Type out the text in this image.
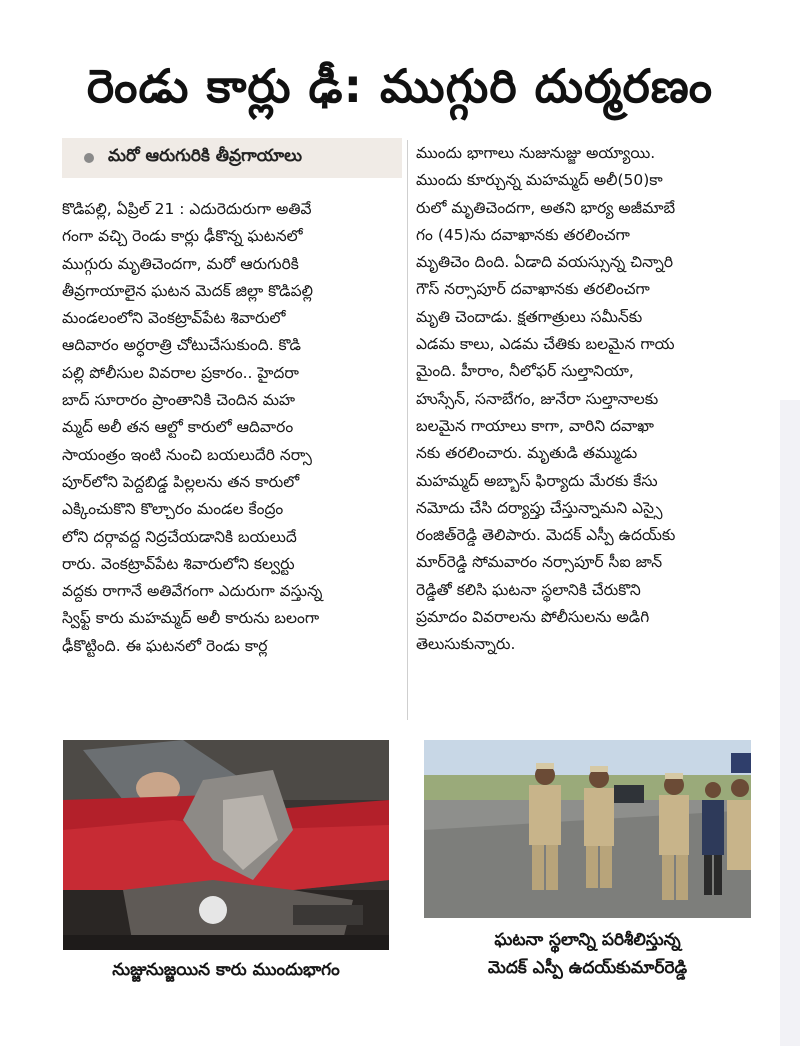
రెండు కార్లు ఢీ: ముగ్గురి దుర్మరణం
మరో ఆరుగురికి తీవ్రగాయాలు
కొడిపల్లి, ఏప్రిల్ 21 : ఎదురెదురుగా అతివే
గంగా వచ్చి రెండు కార్లు ఢీకొన్న ఘటనలో
ముగ్గురు మృతిచెందగా, మరో ఆరుగురికి
తీవ్రగాయాలైన ఘటన మెదక్ జిల్లా కొడిపల్లి
మండలంలోని వెంకట్రావ్‌పేట శివారులో
ఆదివారం అర్ధరాత్రి చోటుచేసుకుంది. కొడి
పల్లి పోలీసుల వివరాల ప్రకారం.. హైదరా
బాద్ సూరారం ప్రాంతానికి చెందిన మహ
మ్మద్ అలీ తన ఆల్టో కారులో ఆదివారం
సాయంత్రం ఇంటి నుంచి బయలుదేరి నర్సా
పూర్‌లోని పెద్దబిడ్డ పిల్లలను తన కారులో
ఎక్కించుకొని కొల్చారం మండల కేంద్రం
లోని దర్గావద్ద నిద్రచేయడానికి బయలుదే
రారు. వెంకట్రావ్‌పేట శివారులోని కల్వర్టు
వద్దకు రాగానే అతివేగంగా ఎదురుగా వస్తున్న
స్విఫ్ట్ కారు మహమ్మద్ అలీ కారును బలంగా
ఢీకొట్టింది. ఈ ఘటనలో రెండు కార్ల
ముందు భాగాలు నుజునుజ్జు అయ్యాయి.
ముందు కూర్చున్న మహమ్మద్ అలీ(50)కా
రులో మృతిచెందగా, అతని భార్య అజీమాబే
గం (45)ను దవాఖానకు తరలించగా
మృతిచెం దింది. ఏడాది వయస్సున్న చిన్నారి
గౌస్ నర్సాపూర్ దవాఖానకు తరలించగా
మృతి చెందాడు. క్షతగాత్రులు సమీన్‌కు
ఎడమ కాలు, ఎడమ చేతికు బలమైన గాయ
మైంది. హీరాం, నీలోఫర్ సుల్తానియా,
హుస్సేన్, సనాబేగం, జునేరా సుల్తానాలకు
బలమైన గాయాలు కాగా, వారిని దవాఖా
నకు తరలించారు. మృతుడి తమ్ముడు
మహమ్మద్ అబ్బాస్ ఫిర్యాదు మేరకు కేసు
నమోదు చేసి దర్యాప్తు చేస్తున్నామని ఎస్సై
రంజిత్‌రెడ్డి తెలిపారు. మెదక్ ఎస్పీ ఉదయ్‌కు
మార్‌రెడ్డి సోమవారం నర్సాపూర్ సీఐ జాన్
రెడ్డితో కలిసి ఘటనా స్థలానికి చేరుకొని
ప్రమాదం వివరాలను పోలీసులను అడిగి
తెలుసుకున్నారు.
నుజ్జునుజ్జయిన కారు ముందుభాగం
ఘటనా స్థలాన్ని పరిశీలిస్తున్న
మెదక్ ఎస్పీ ఉదయ్‌కుమార్‌రెడ్డి
